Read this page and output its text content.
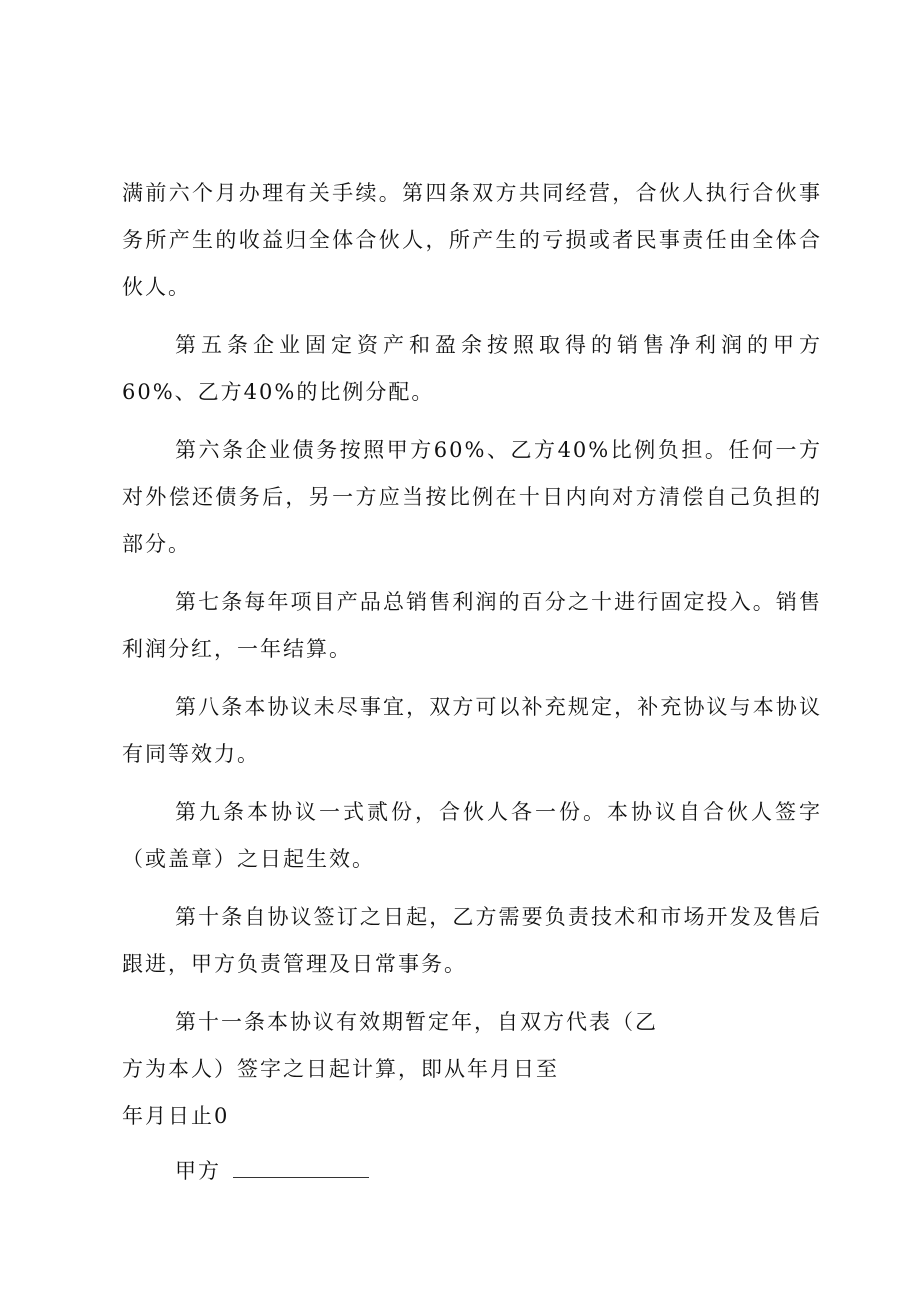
满前六个月办理有关手续。第四条双方共同经营，合伙人执行合伙事务所产生的收益归全体合伙人，所产生的亏损或者民事责任由全体合伙人。

第五条企业固定资产和盈余按照取得的销售净利润的甲方60%、乙方40%的比例分配。

第六条企业债务按照甲方60%、乙方40%比例负担。任何一方对外偿还债务后，另一方应当按比例在十日内向对方清偿自己负担的部分。

第七条每年项目产品总销售利润的百分之十进行固定投入。销售利润分红，一年结算。

第八条本协议未尽事宜，双方可以补充规定，补充协议与本协议有同等效力。

第九条本协议一式贰份，合伙人各一份。本协议自合伙人签字（或盖章）之日起生效。

第十条自协议签订之日起，乙方需要负责技术和市场开发及售后跟进，甲方负责管理及日常事务。

第十一条本协议有效期暂定年，自双方代表（乙

方为本人）签字之日起计算，即从年月日至

年月日止0

甲方
